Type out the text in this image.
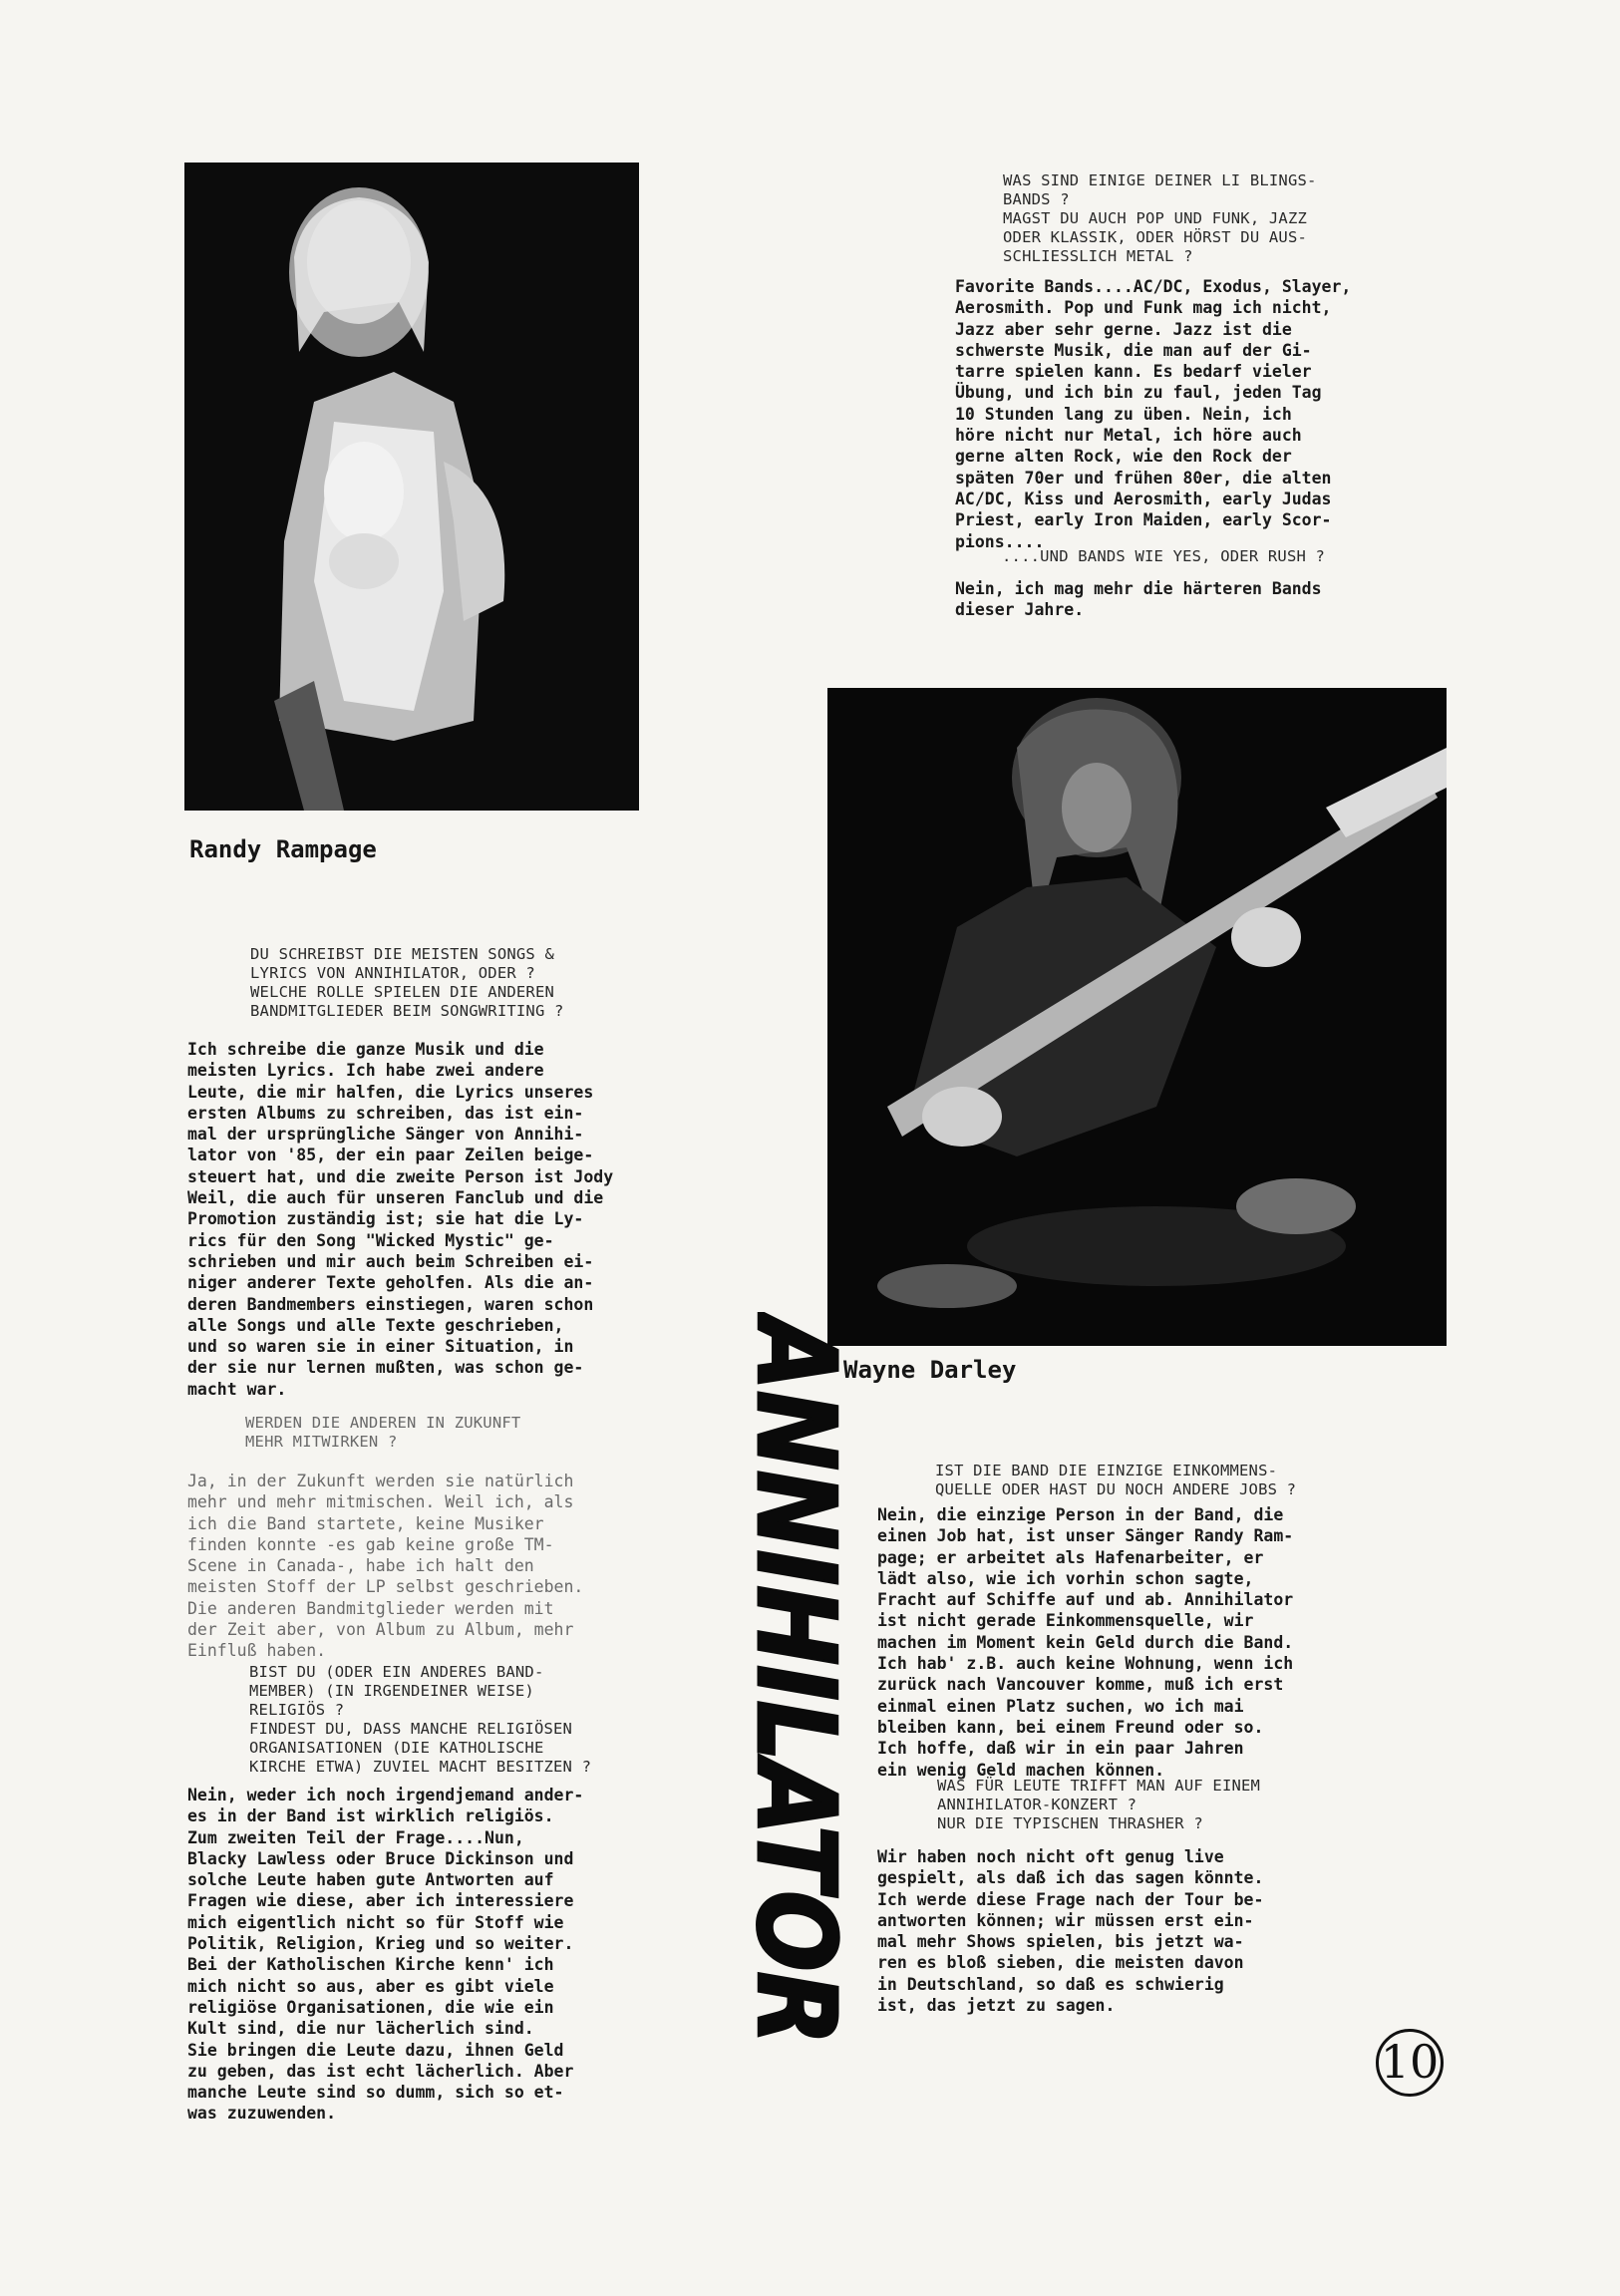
Randy Rampage
WAS SIND EINIGE DEINER LI BLINGS-
BANDS ?
MAGST DU AUCH POP UND FUNK, JAZZ
ODER KLASSIK, ODER HÖRST DU AUS-
SCHLIESSLICH METAL ?
Favorite Bands....AC/DC, Exodus, Slayer,
Aerosmith. Pop und Funk mag ich nicht,
Jazz aber sehr gerne. Jazz ist die
schwerste Musik, die man auf der Gi-
tarre spielen kann. Es bedarf vieler
Übung, und ich bin zu faul, jeden Tag
10 Stunden lang zu üben. Nein, ich
höre nicht nur Metal, ich höre auch
gerne alten Rock, wie den Rock der
späten 70er und frühen 80er, die alten
AC/DC, Kiss und Aerosmith, early Judas
Priest, early Iron Maiden, early Scor-
pions....
....UND BANDS WIE YES, ODER RUSH ?
Nein, ich mag mehr die härteren Bands
dieser Jahre.
Wayne Darley
ANNIHILATOR
DU SCHREIBST DIE MEISTEN SONGS &
LYRICS VON ANNIHILATOR, ODER ?
WELCHE ROLLE SPIELEN DIE ANDEREN
BANDMITGLIEDER BEIM SONGWRITING ?
Ich schreibe die ganze Musik und die
meisten Lyrics. Ich habe zwei andere
Leute, die mir halfen, die Lyrics unseres
ersten Albums zu schreiben, das ist ein-
mal der ursprüngliche Sänger von Annihi-
lator von '85, der ein paar Zeilen beige-
steuert hat, und die zweite Person ist Jody
Weil, die auch für unseren Fanclub und die
Promotion zuständig ist; sie hat die Ly-
rics für den Song "Wicked Mystic" ge-
schrieben und mir auch beim Schreiben ei-
niger anderer Texte geholfen. Als die an-
deren Bandmembers einstiegen, waren schon
alle Songs und alle Texte geschrieben,
und so waren sie in einer Situation, in
der sie nur lernen mußten, was schon ge-
macht war.
WERDEN DIE ANDEREN IN ZUKUNFT
MEHR MITWIRKEN ?
Ja, in der Zukunft werden sie natürlich
mehr und mehr mitmischen. Weil ich, als
ich die Band startete, keine Musiker
finden konnte -es gab keine große TM-
Scene in Canada-, habe ich halt den
meisten Stoff der LP selbst geschrieben.
Die anderen Bandmitglieder werden mit
der Zeit aber, von Album zu Album, mehr
Einfluß haben.
BIST DU (ODER EIN ANDERES BAND-
MEMBER) (IN IRGENDEINER WEISE)
RELIGIÖS ?
FINDEST DU, DASS MANCHE RELIGIÖSEN
ORGANISATIONEN (DIE KATHOLISCHE
KIRCHE ETWA) ZUVIEL MACHT BESITZEN ?
Nein, weder ich noch irgendjemand ander-
es in der Band ist wirklich religiös.
Zum zweiten Teil der Frage....Nun,
Blacky Lawless oder Bruce Dickinson und
solche Leute haben gute Antworten auf
Fragen wie diese, aber ich interessiere
mich eigentlich nicht so für Stoff wie
Politik, Religion, Krieg und so weiter.
Bei der Katholischen Kirche kenn' ich
mich nicht so aus, aber es gibt viele
religiöse Organisationen, die wie ein
Kult sind, die nur lächerlich sind.
Sie bringen die Leute dazu, ihnen Geld
zu geben, das ist echt lächerlich. Aber
manche Leute sind so dumm, sich so et-
was zuzuwenden.
IST DIE BAND DIE EINZIGE EINKOMMENS-
QUELLE ODER HAST DU NOCH ANDERE JOBS ?
Nein, die einzige Person in der Band, die
einen Job hat, ist unser Sänger Randy Ram-
page; er arbeitet als Hafenarbeiter, er
lädt also, wie ich vorhin schon sagte,
Fracht auf Schiffe auf und ab. Annihilator
ist nicht gerade Einkommensquelle, wir
machen im Moment kein Geld durch die Band.
Ich hab' z.B. auch keine Wohnung, wenn ich
zurück nach Vancouver komme, muß ich erst
einmal einen Platz suchen, wo ich mai
bleiben kann, bei einem Freund oder so.
Ich hoffe, daß wir in ein paar Jahren
ein wenig Geld machen können.
WAS FÜR LEUTE TRIFFT MAN AUF EINEM
ANNIHILATOR-KONZERT ?
NUR DIE TYPISCHEN THRASHER ?
Wir haben noch nicht oft genug live
gespielt, als daß ich das sagen könnte.
Ich werde diese Frage nach der Tour be-
antworten können; wir müssen erst ein-
mal mehr Shows spielen, bis jetzt wa-
ren es bloß sieben, die meisten davon
in Deutschland, so daß es schwierig
ist, das jetzt zu sagen.
10
